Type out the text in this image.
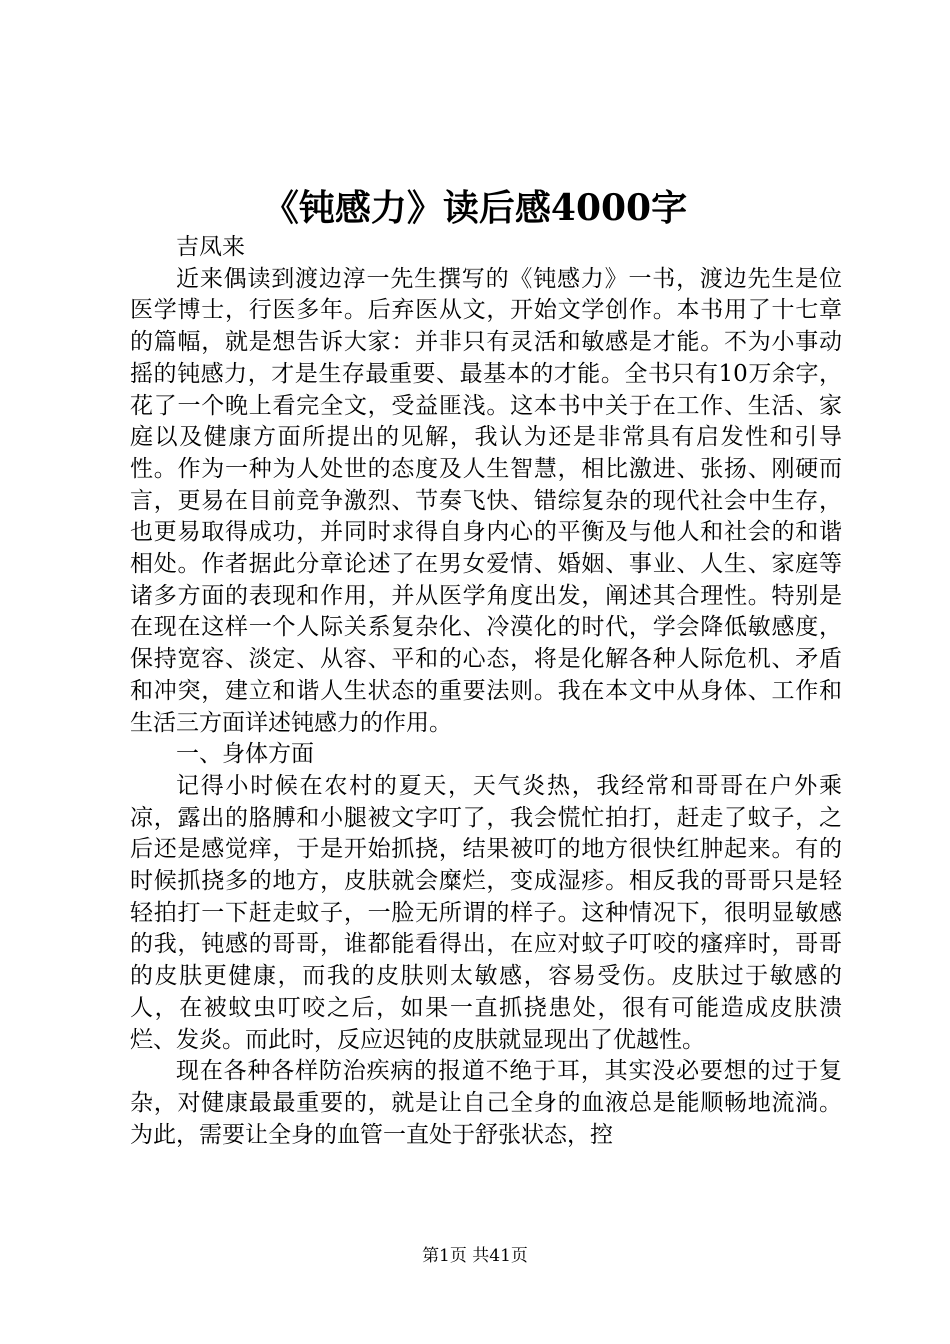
《钝感力》读后感4000字

吉凤来

近来偶读到渡边淳一先生撰写的《钝感力》一书，渡边先生是位医学博士，行医多年。后弃医从文，开始文学创作。本书用了十七章的篇幅，就是想告诉大家：并非只有灵活和敏感是才能。不为小事动摇的钝感力，才是生存最重要、最基本的才能。全书只有10万余字，花了一个晚上看完全文，受益匪浅。这本书中关于在工作、生活、家庭以及健康方面所提出的见解，我认为还是非常具有启发性和引导性。作为一种为人处世的态度及人生智慧，相比激进、张扬、刚硬而言，更易在目前竞争激烈、节奏飞快、错综复杂的现代社会中生存，也更易取得成功，并同时求得自身内心的平衡及与他人和社会的和谐相处。作者据此分章论述了在男女爱情、婚姻、事业、人生、家庭等诸多方面的表现和作用，并从医学角度出发，阐述其合理性。特别是在现在这样一个人际关系复杂化、冷漠化的时代，学会降低敏感度，保持宽容、淡定、从容、平和的心态，将是化解各种人际危机、矛盾和冲突，建立和谐人生状态的重要法则。我在本文中从身体、工作和生活三方面详述钝感力的作用。

一、身体方面

记得小时候在农村的夏天，天气炎热，我经常和哥哥在户外乘凉，露出的胳膊和小腿被文字叮了，我会慌忙拍打，赶走了蚊子，之后还是感觉痒，于是开始抓挠，结果被叮的地方很快红肿起来。有的时候抓挠多的地方，皮肤就会糜烂，变成湿疹。相反我的哥哥只是轻轻拍打一下赶走蚊子，一脸无所谓的样子。这种情况下，很明显敏感的我，钝感的哥哥，谁都能看得出，在应对蚊子叮咬的瘙痒时，哥哥的皮肤更健康，而我的皮肤则太敏感，容易受伤。皮肤过于敏感的人，在被蚊虫叮咬之后，如果一直抓挠患处，很有可能造成皮肤溃烂、发炎。而此时，反应迟钝的皮肤就显现出了优越性。

现在各种各样防治疾病的报道不绝于耳，其实没必要想的过于复杂，对健康最最重要的，就是让自己全身的血液总是能顺畅地流淌。为此，需要让全身的血管一直处于舒张状态，控

第1页 共41页
